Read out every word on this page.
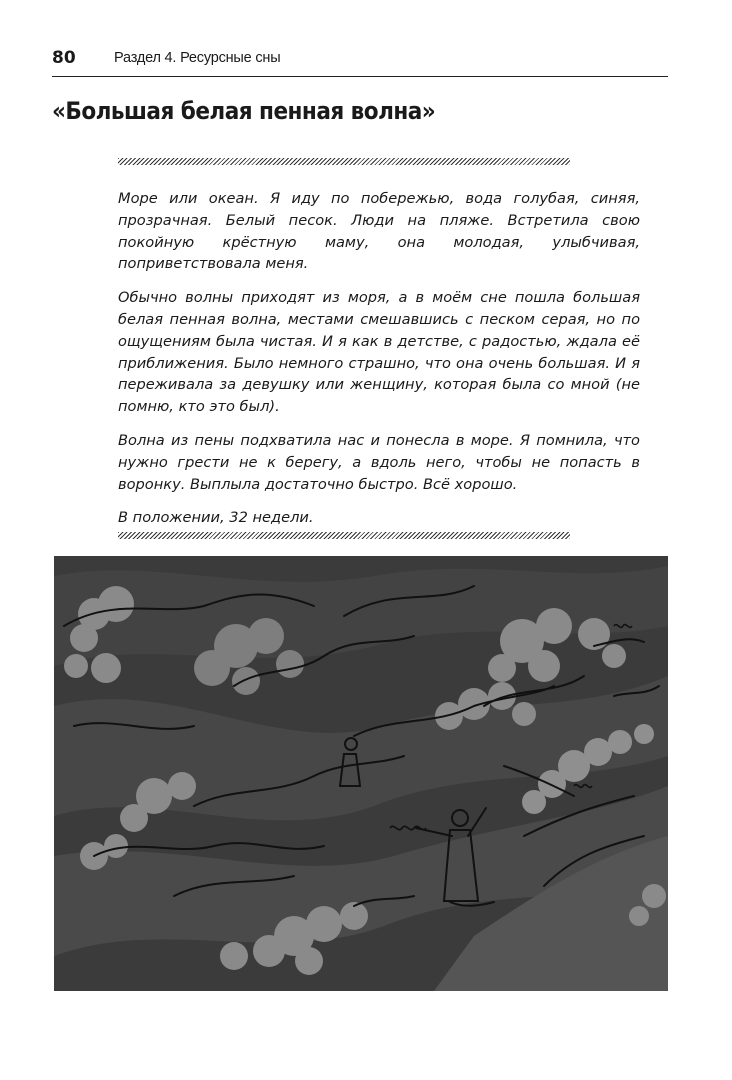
80	Раздел 4. Ресурсные сны
«Большая белая пенная волна»

Море или океан. Я иду по побережью, вода голубая, синяя, прозрачная. Белый песок. Люди на пляже. Встретила свою покойную крёстную маму, она молодая, улыбчивая, поприветствовала меня.

Обычно волны приходят из моря, а в моём сне пошла большая белая пенная волна, местами смешавшись с песком серая, но по ощущениям была чистая. И я как в детстве, с радостью, ждала её приближения. Было немного страшно, что она очень большая. И я переживала за девушку или женщину, которая была со мной (не помню, кто это был).

Волна из пены подхватила нас и понесла в море. Я помнила, что нужно грести не к берегу, а вдоль него, чтобы не попасть в воронку. Выплыла достаточно быстро. Всё хорошо.

В положении, 32 недели.
